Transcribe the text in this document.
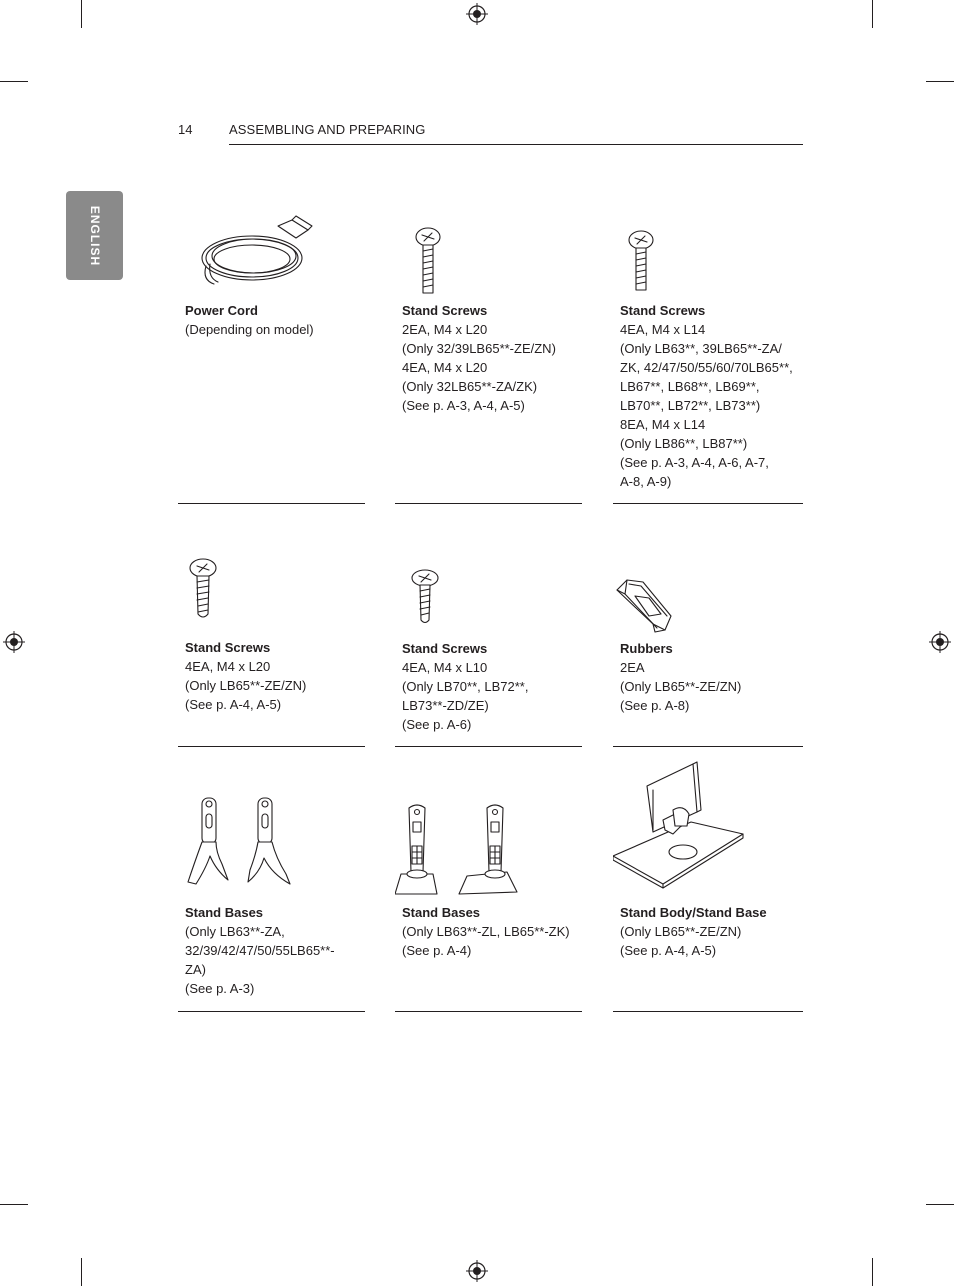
14	ASSEMBLING AND PREPARING
ENGLISH
Power Cord
(Depending on model)
Stand Screws
2EA, M4 x L20
(Only 32/39LB65**-ZE/ZN)
4EA, M4 x L20
(Only 32LB65**-ZA/ZK)
(See p. A-3, A-4, A-5)
Stand Screws
4EA, M4 x L14
(Only LB63**, 39LB65**-ZA/
ZK, 42/47/50/55/60/70LB65**,
LB67**, LB68**, LB69**,
LB70**, LB72**, LB73**)
8EA, M4 x L14
(Only LB86**, LB87**)
(See p. A-3, A-4, A-6, A-7,
A-8, A-9)
Stand Screws
4EA, M4 x L20
(Only LB65**-ZE/ZN)
(See p. A-4, A-5)
Stand Screws
4EA, M4 x L10
(Only LB70**, LB72**,
LB73**-ZD/ZE)
(See p. A-6)
Rubbers
2EA
(Only LB65**-ZE/ZN)
(See p. A-8)
Stand Bases
(Only LB63**-ZA,
32/39/42/47/50/55LB65**-
ZA)
(See p. A-3)
Stand Bases
(Only LB63**-ZL, LB65**-ZK)
(See p. A-4)
Stand Body/Stand Base
(Only LB65**-ZE/ZN)
(See p. A-4, A-5)
